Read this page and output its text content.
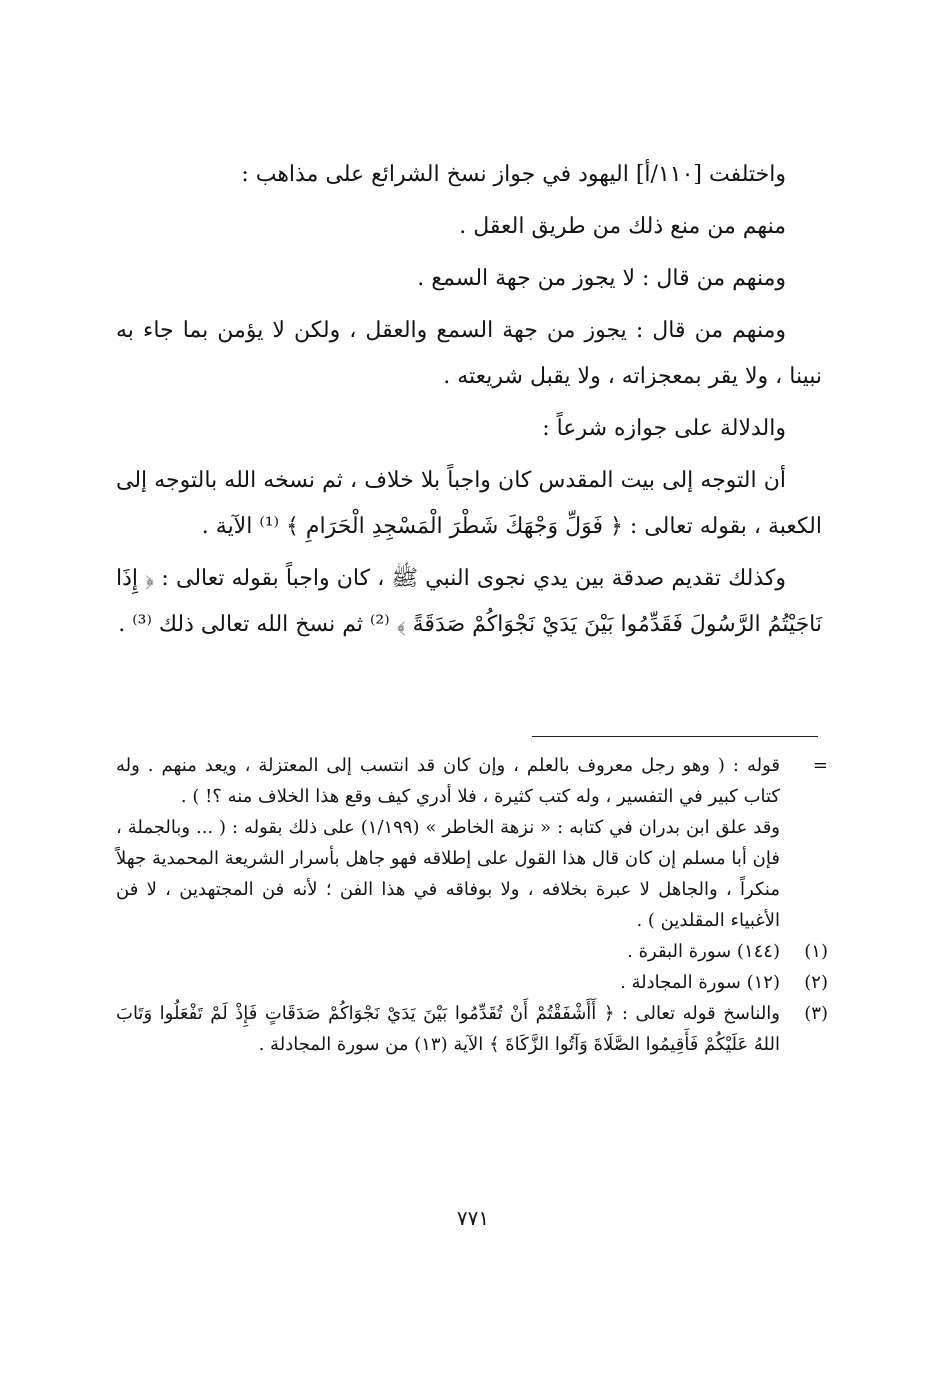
واختلفت [١١٠/أ] اليهود في جواز نسخ الشرائع على مذاهب :

منهم من منع ذلك من طريق العقل .

ومنهم من قال : لا يجوز من جهة السمع .

ومنهم من قال : يجوز من جهة السمع والعقل ، ولكن لا يؤمن بما جاء به نبينا ، ولا يقر بمعجزاته ، ولا يقبل شريعته .

والدلالة على جوازه شرعاً :

أن التوجه إلى بيت المقدس كان واجباً بلا خلاف ، ثم نسخه الله بالتوجه إلى الكعبة ، بقوله تعالى : ﴿ فَوَلِّ وَجْهَكَ شَطْرَ الْمَسْجِدِ الْحَرَامِ ﴾ ⁽¹⁾ الآية .

وكذلك تقديم صدقة بين يدي نجوى النبي ﷺ ، كان واجباً بقوله تعالى : ﴿ إِذَا نَاجَيْتُمُ الرَّسُولَ فَقَدِّمُوا بَيْنَ يَدَيْ نَجْوَاكُمْ صَدَقَةً ﴾ ⁽²⁾ ثم نسخ الله تعالى ذلك ⁽³⁾ .

=

قوله : ( وهو رجل معروف بالعلم ، وإن كان قد انتسب إلى المعتزلة ، ويعد منهم . وله كتاب كبير في التفسير ، وله كتب كثيرة ، فلا أدري كيف وقع هذا الخلاف منه ؟! ) .

وقد علق ابن بدران في كتابه : « نزهة الخاطر » (١/١٩٩) على ذلك بقوله : ( ... وبالجملة ، فإن أبا مسلم إن كان قال هذا القول على إطلاقه فهو جاهل بأسرار الشريعة المحمدية جهلاً منكراً ، والجاهل لا عبرة بخلافه ، ولا بوفاقه في هذا الفن ؛ لأنه فن المجتهدين ، لا فن الأغبياء المقلدين ) .

(١)

(١٤٤) سورة البقرة .

(٢)

(١٢) سورة المجادلة .

(٣)

والناسخ قوله تعالى : ﴿ أَأَشْفَقْتُمْ أَنْ تُقَدِّمُوا بَيْنَ يَدَيْ نَجْوَاكُمْ صَدَقَاتٍ فَإِذْ لَمْ تَفْعَلُوا وَتَابَ اللهُ عَلَيْكُمْ فَأَقِيمُوا الصَّلَاةَ وَآتُوا الزَّكَاةَ ﴾ الآية (١٣) من سورة المجادلة .

٧٧١
